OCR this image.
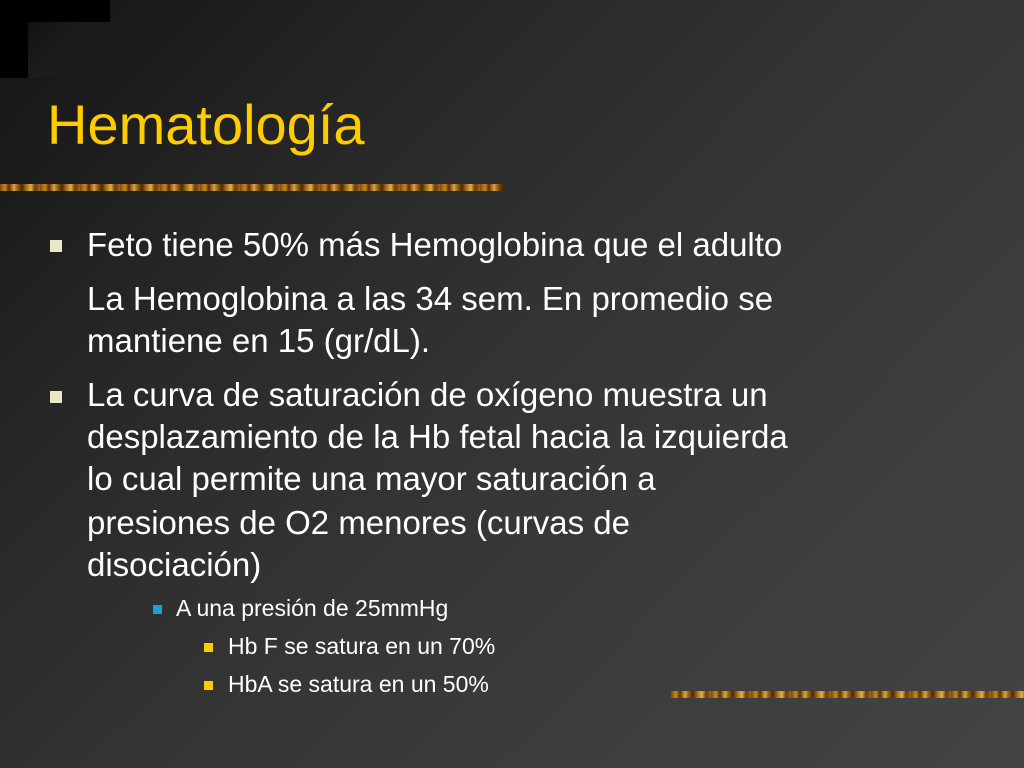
Hematología
Feto tiene 50% más Hemoglobina que el adulto
La Hemoglobina a las 34 sem. En promedio se
mantiene en 15 (gr/dL).
La curva de saturación de oxígeno muestra un
desplazamiento de la Hb fetal hacia la izquierda
lo cual permite una mayor saturación a
presiones de O2 menores (curvas de
disociación)
A una presión de 25mmHg
Hb F se satura en un 70%
HbA se satura en un 50%
